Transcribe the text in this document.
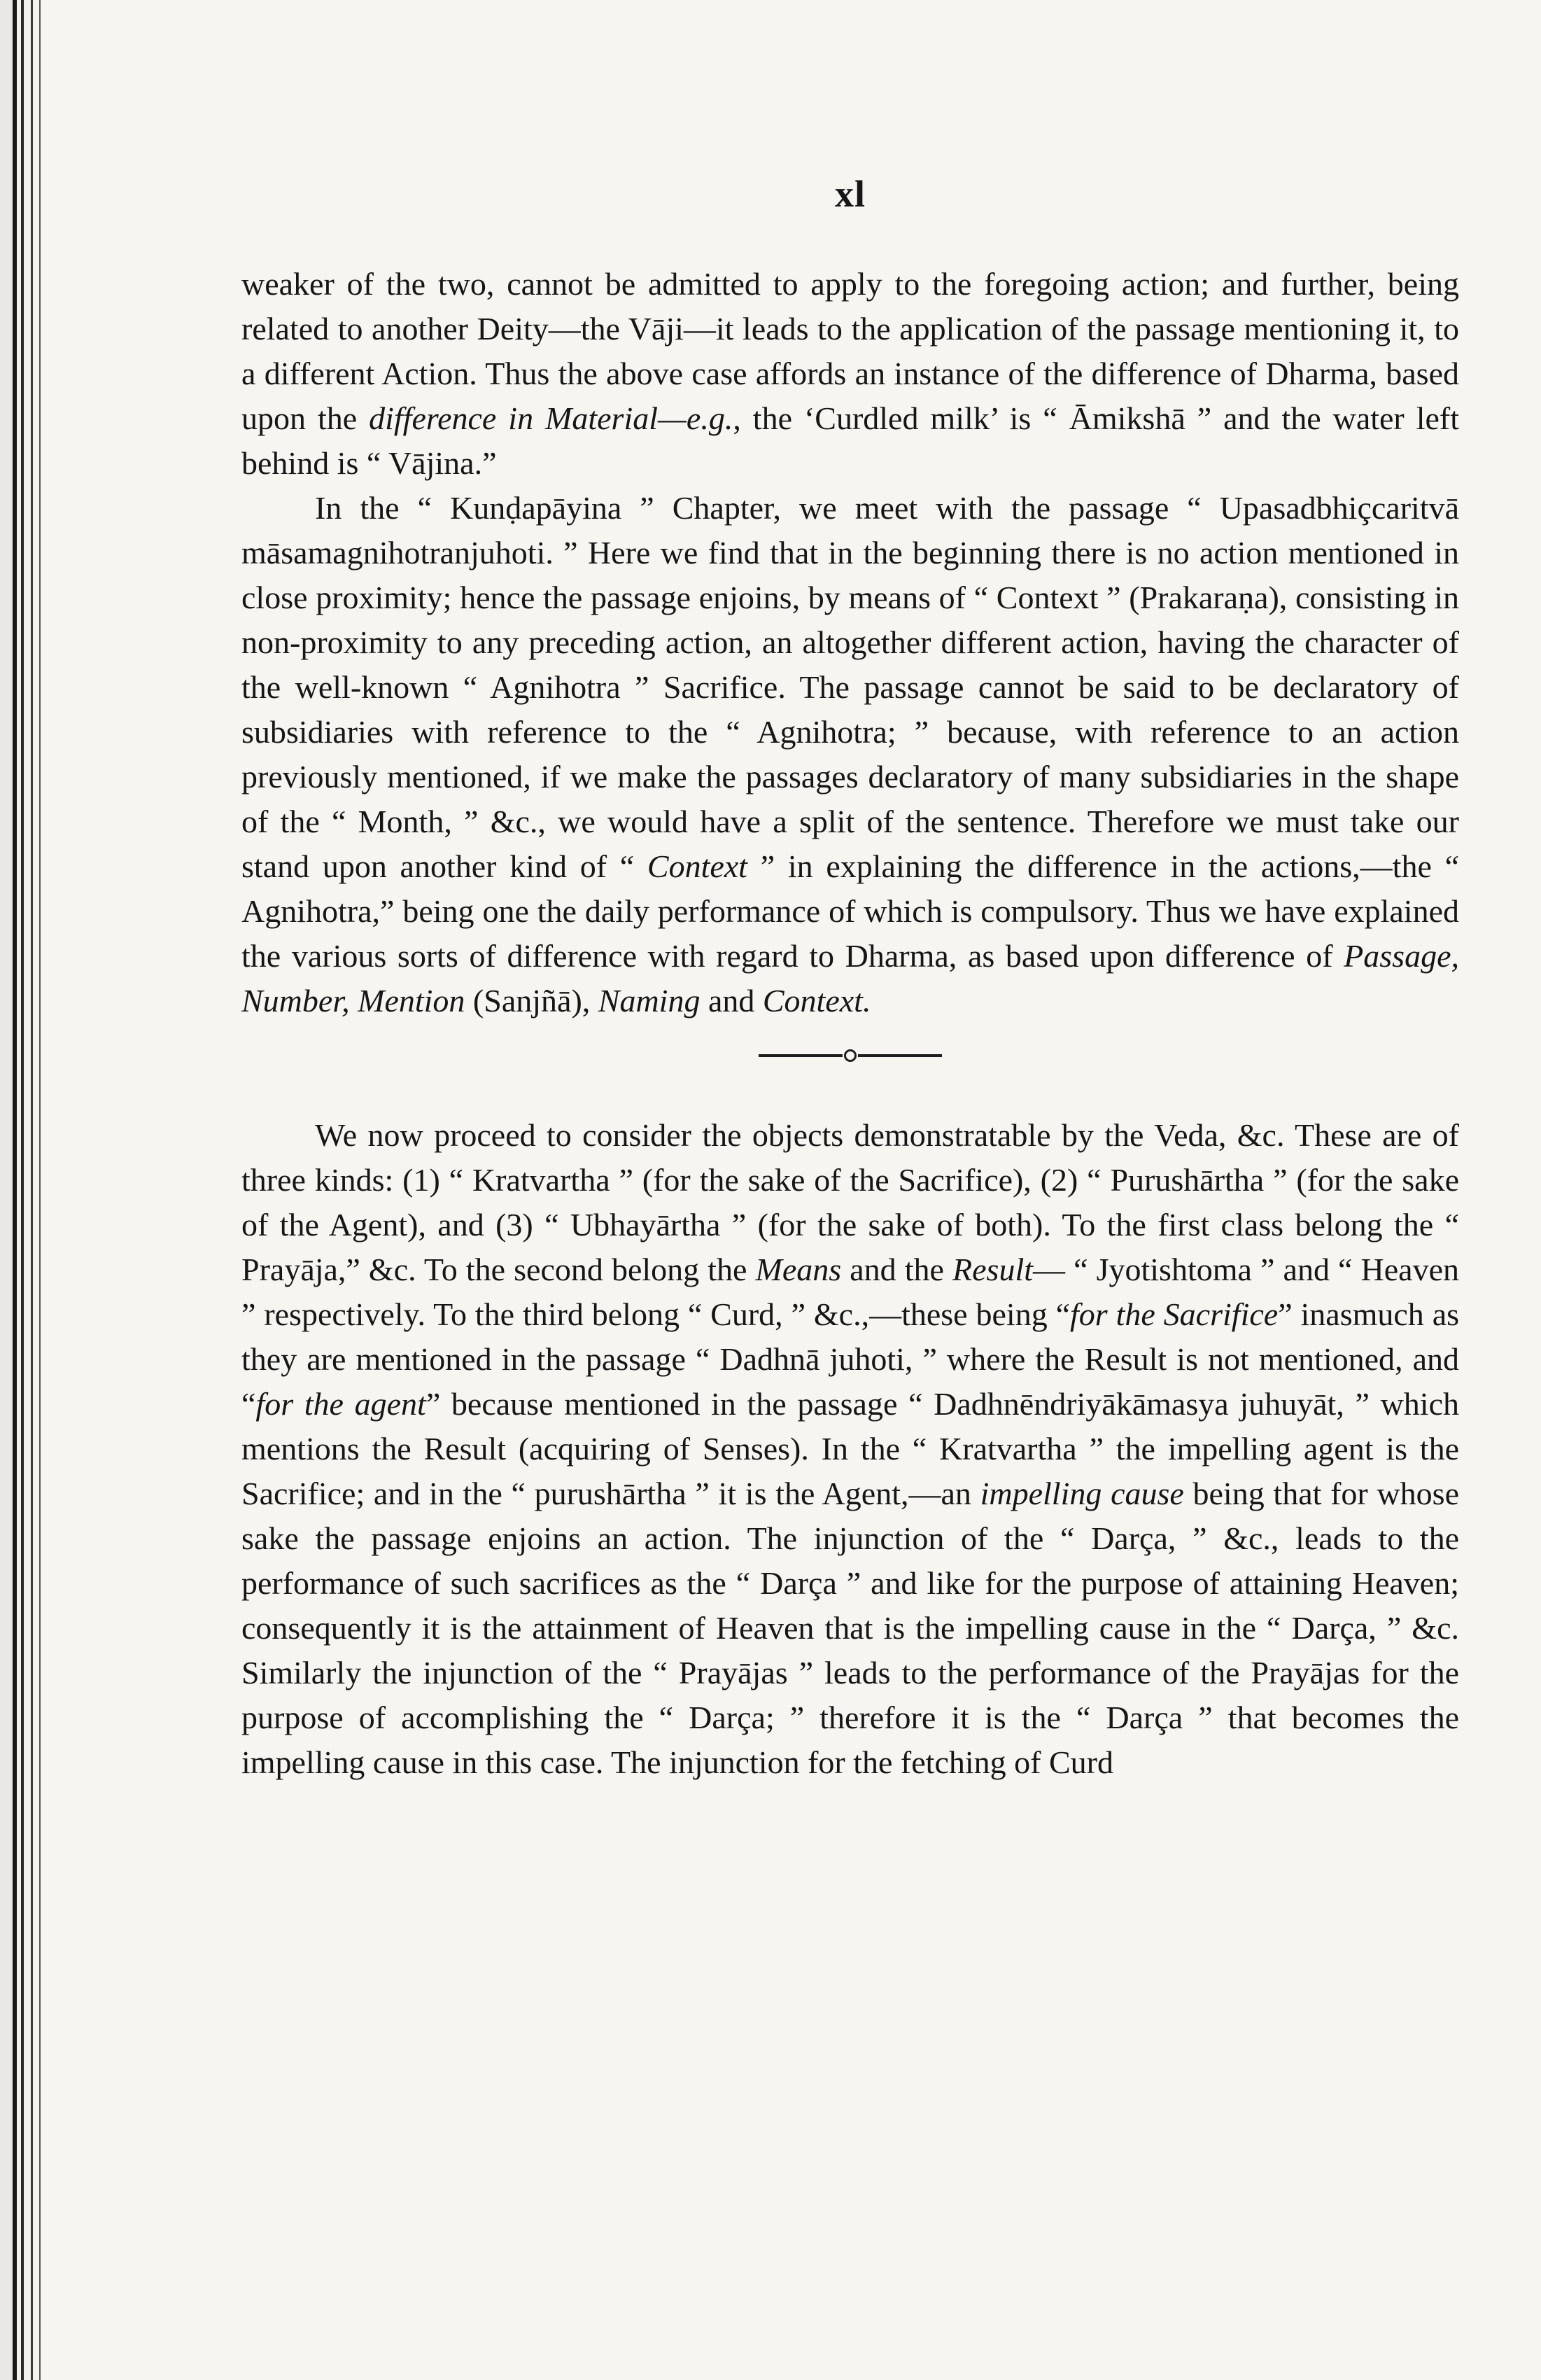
xl

weaker of the two, cannot be admitted to apply to the foregoing action; and further, being related to another Deity—the Vāji—it leads to the application of the passage mentioning it, to a different Action. Thus the above case affords an instance of the difference of Dharma, based upon the difference in Material—e.g., the ‘Curdled milk’ is “ Āmikshā ” and the water left behind is “ Vājina.”

In the “ Kunḍapāyina ” Chapter, we meet with the passage “ Upasadbhiçcaritvā māsamagnihotranjuhoti. ” Here we find that in the beginning there is no action mentioned in close proximity; hence the passage enjoins, by means of “ Context ” (Prakaraṇa), consisting in non-proximity to any preceding action, an altogether different action, having the character of the well-known “ Agnihotra ” Sacrifice. The passage cannot be said to be declaratory of subsidiaries with reference to the “ Agnihotra; ” because, with reference to an action previously mentioned, if we make the passages declaratory of many subsidiaries in the shape of the “ Month, ” &c., we would have a split of the sentence. Therefore we must take our stand upon another kind of “ Context ” in explaining the difference in the actions,—the “ Agnihotra,” being one the daily performance of which is compulsory. Thus we have explained the various sorts of difference with regard to Dharma, as based upon difference of Passage, Number, Mention (Sanjñā), Naming and Context.

We now proceed to consider the objects demonstratable by the Veda, &c. These are of three kinds: (1) “ Kratvartha ” (for the sake of the Sacrifice), (2) “ Purushārtha ” (for the sake of the Agent), and (3) “ Ubhayārtha ” (for the sake of both). To the first class belong the “ Prayāja,” &c. To the second belong the Means and the Result— “ Jyotishtoma ” and “ Heaven ” respectively. To the third belong “ Curd, ” &c.,—these being “for the Sacrifice” inasmuch as they are mentioned in the passage “ Dadhnā juhoti, ” where the Result is not mentioned, and “for the agent” because mentioned in the passage “ Dadhnēndriyākāmasya juhuyāt, ” which mentions the Result (acquiring of Senses). In the “ Kratvartha ” the impelling agent is the Sacrifice; and in the “ purushārtha ” it is the Agent,—an impelling cause being that for whose sake the passage enjoins an action. The injunction of the “ Darça, ” &c., leads to the performance of such sacrifices as the “ Darça ” and like for the purpose of attaining Heaven; consequently it is the attainment of Heaven that is the impelling cause in the “ Darça, ” &c. Similarly the injunction of the “ Prayājas ” leads to the performance of the Prayājas for the purpose of accomplishing the “ Darça; ” therefore it is the “ Darça ” that becomes the impelling cause in this case. The injunction for the fetching of Curd
